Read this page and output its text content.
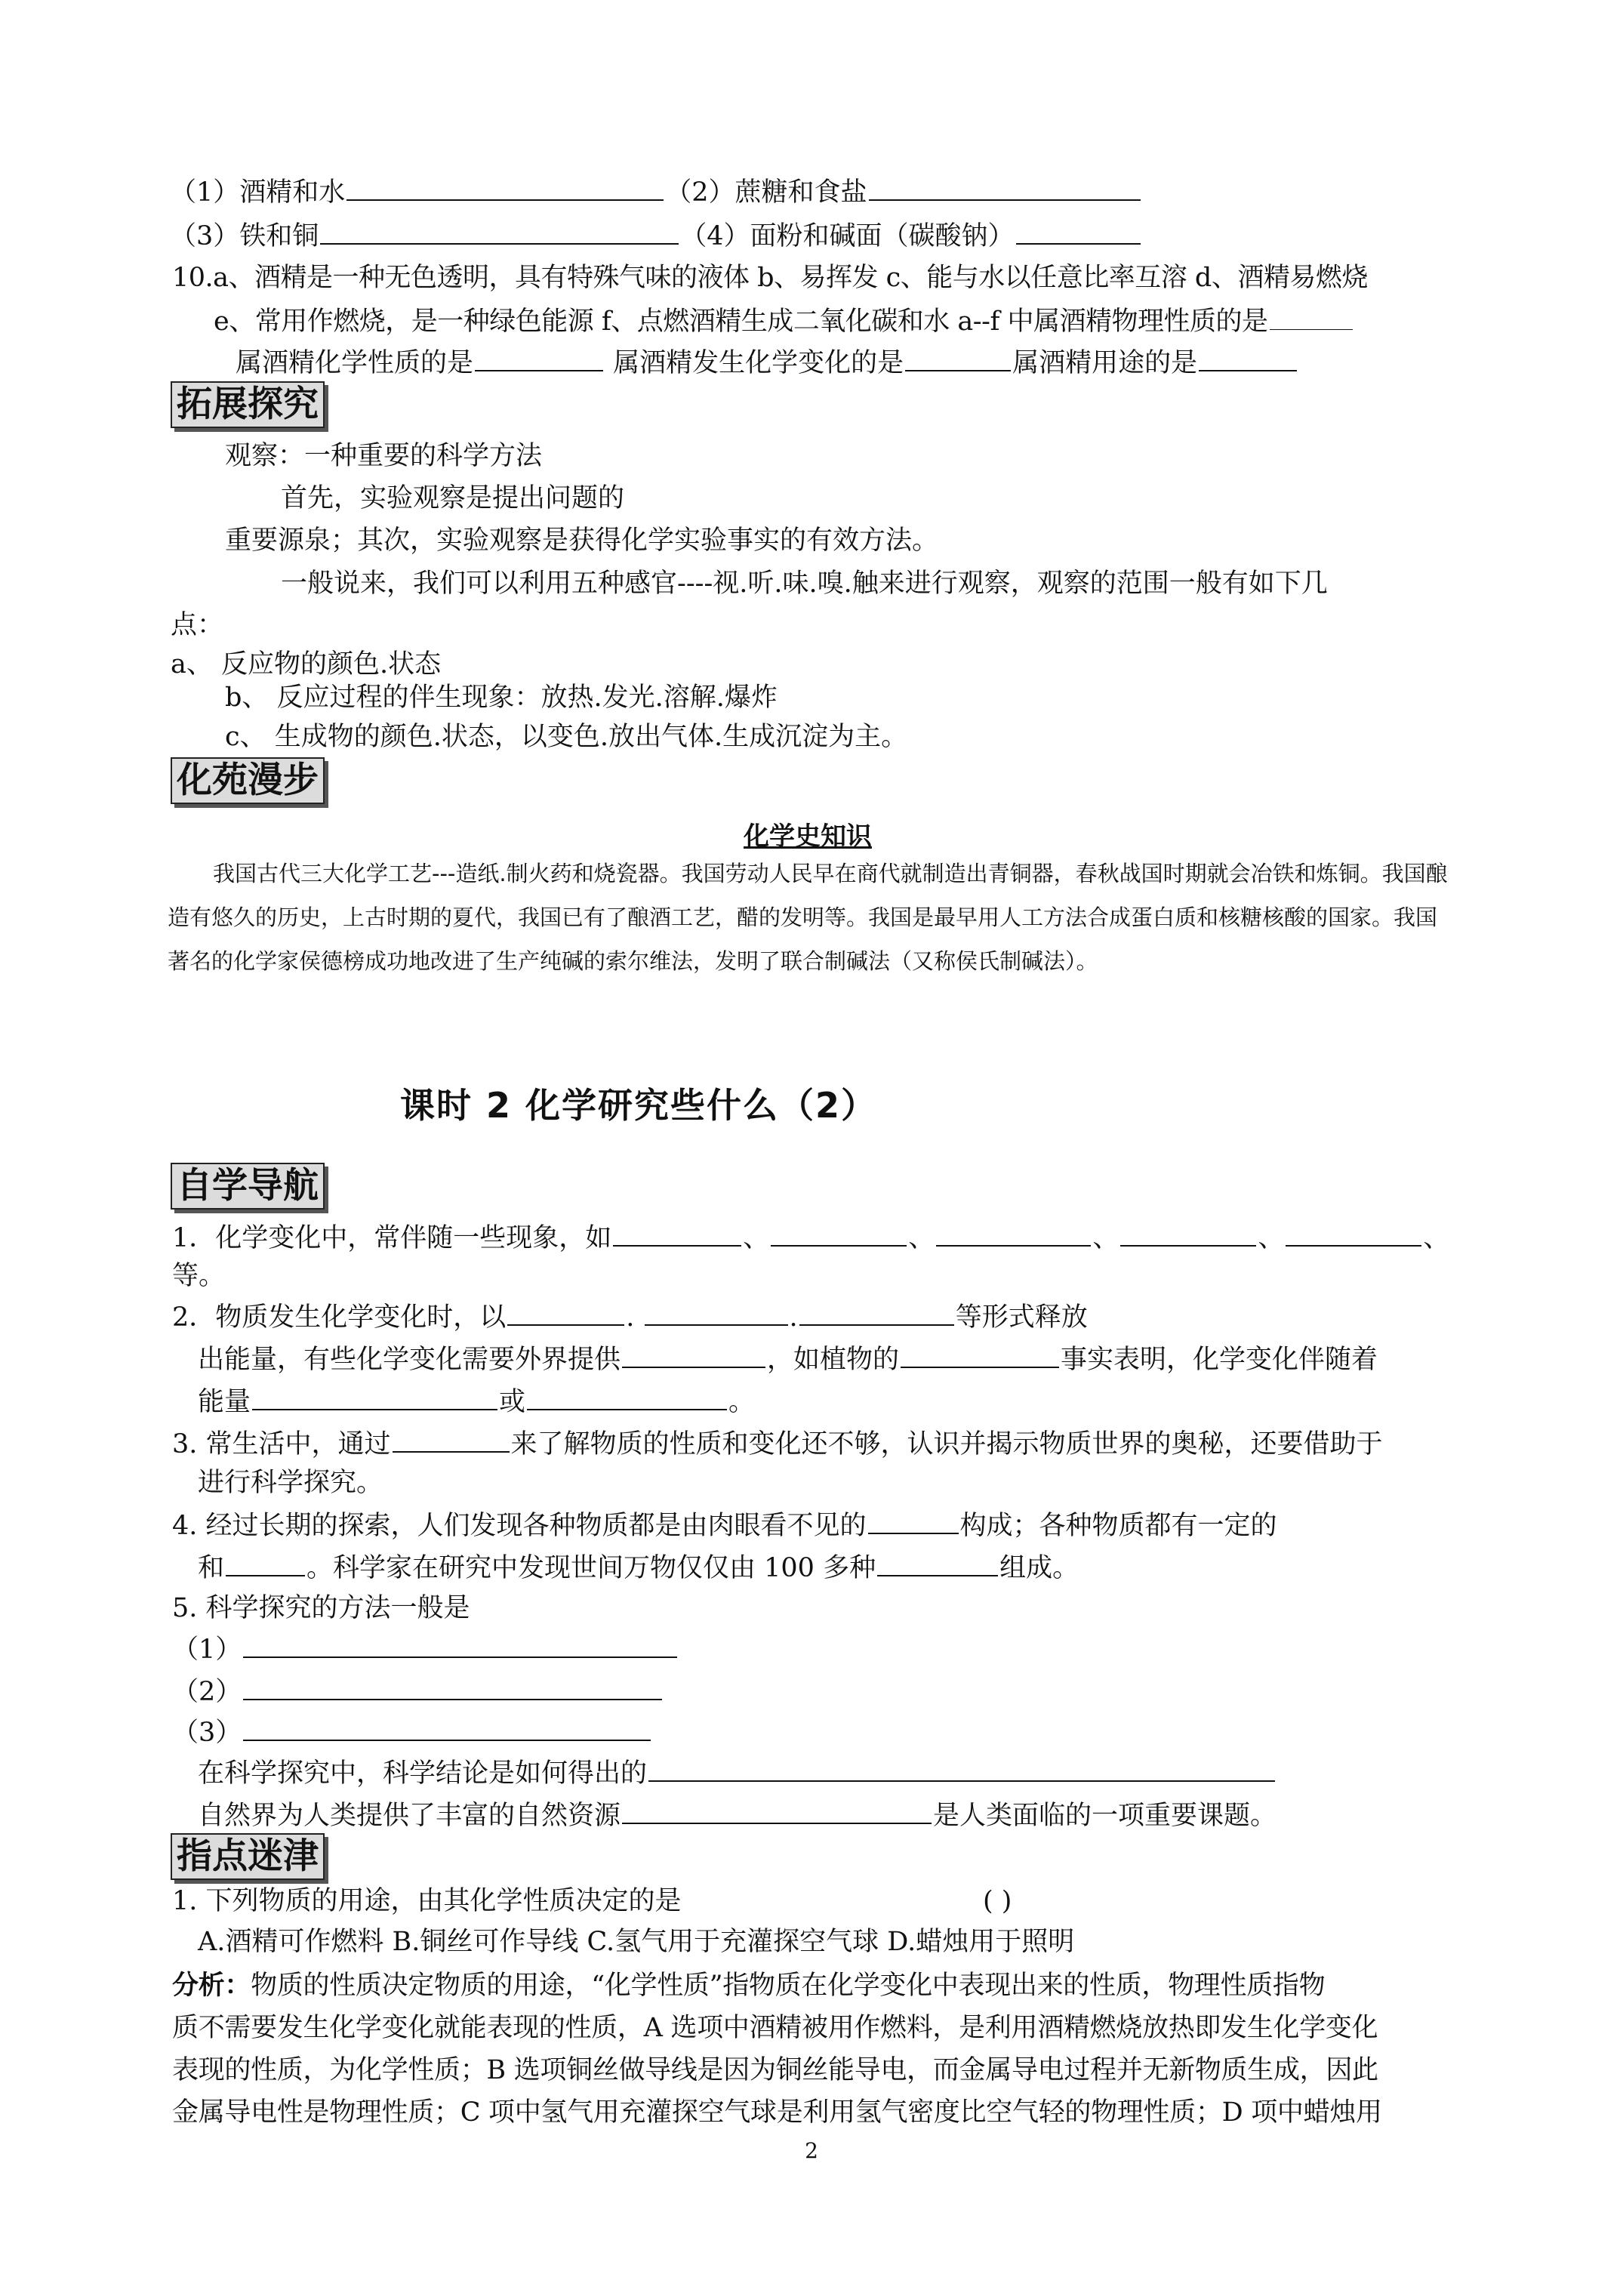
（1）酒精和水	（2）蔗糖和食盐
（3）铁和铜	（4）面粉和碱面（碳酸钠）
10.a、酒精是一种无色透明，具有特殊气味的液体 b、易挥发 c、能与水以任意比率互溶 d、酒精易燃烧
e、常用作燃烧，是一种绿色能源 f、点燃酒精生成二氧化碳和水 a--f 中属酒精物理性质的是
属酒精化学性质的是	属酒精发生化学变化的是	属酒精用途的是
拓展探究
观察：一种重要的科学方法
首先，实验观察是提出问题的
重要源泉；其次，实验观察是获得化学实验事实的有效方法。
一般说来，我们可以利用五种感官----视.听.味.嗅.触来进行观察，观察的范围一般有如下几
点：
a、 反应物的颜色.状态
b、 反应过程的伴生现象：放热.发光.溶解.爆炸
c、 生成物的颜色.状态，以变色.放出气体.生成沉淀为主。
化苑漫步
化学史知识
我国古代三大化学工艺---造纸.制火药和烧瓷器。我国劳动人民早在商代就制造出青铜器，春秋战国时期就会冶铁和炼铜。我国酿造有悠久的历史，上古时期的夏代，我国已有了酿酒工艺，醋的发明等。我国是最早用人工方法合成蛋白质和核糖核酸的国家。我国著名的化学家侯德榜成功地改进了生产纯碱的索尔维法，发明了联合制碱法（又称侯氏制碱法）。
课时 2 化学研究些什么（2）
自学导航
1．化学变化中，常伴随一些现象，如	、	、	、	、	、
等。
2．物质发生化学变化时，以	.	.	等形式释放
出能量，有些化学变化需要外界提供	，如植物的	事实表明，化学变化伴随着
能量	或	。
3. 常生活中，通过	来了解物质的性质和变化还不够，认识并揭示物质世界的奥秘，还要借助于
进行科学探究。
4. 经过长期的探索，人们发现各种物质都是由肉眼看不见的	构成；各种物质都有一定的
和	。科学家在研究中发现世间万物仅仅由 100 多种	组成。
5. 科学探究的方法一般是
（1）
（2）
（3）
在科学探究中，科学结论是如何得出的
自然界为人类提供了丰富的自然资源	是人类面临的一项重要课题。
指点迷津
1. 下列物质的用途，由其化学性质决定的是	( )
A.酒精可作燃料 B.铜丝可作导线 C.氢气用于充灌探空气球 D.蜡烛用于照明
分析：物质的性质决定物质的用途，“化学性质”指物质在化学变化中表现出来的性质，物理性质指物
质不需要发生化学变化就能表现的性质，A 选项中酒精被用作燃料，是利用酒精燃烧放热即发生化学变化
表现的性质，为化学性质；B 选项铜丝做导线是因为铜丝能导电，而金属导电过程并无新物质生成，因此
金属导电性是物理性质；C 项中氢气用充灌探空气球是利用氢气密度比空气轻的物理性质；D 项中蜡烛用
2
